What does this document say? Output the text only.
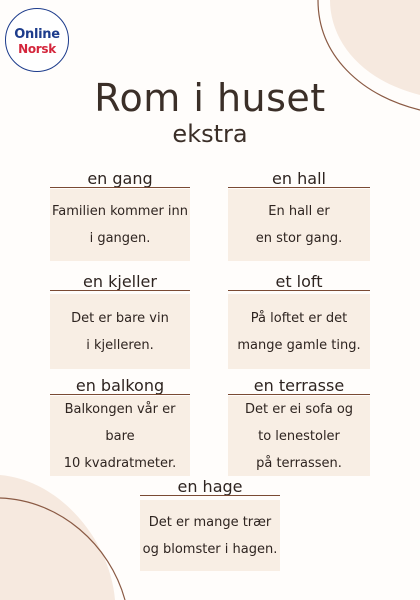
Online
Norsk
Rom i huset
ekstra
en gang
Familien kommer inn
i gangen.
en hall
En hall er
en stor gang.
en kjeller
Det er bare vin
i kjelleren.
et loft
På loftet er det
mange gamle ting.
en balkong
Balkongen vår er
bare
10 kvadratmeter.
en terrasse
Det er ei sofa og
to lenestoler
på terrassen.
en hage
Det er mange trær
og blomster i hagen.
